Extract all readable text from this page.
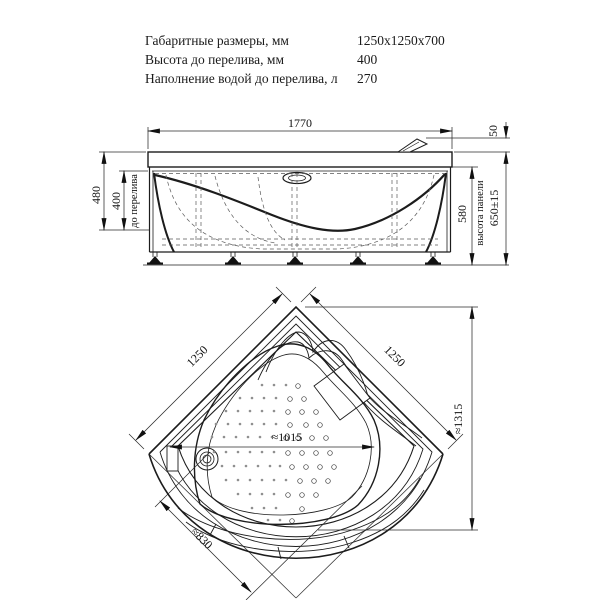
Габаритные размеры, мм	1250x1250x700
Высота до перелива, мм	400
Наполнение водой до перелива, л	270
1770
50
480 400 до перелива	580 высота панели 650±15
1250	1250
≈1315
≈1015
≈830
